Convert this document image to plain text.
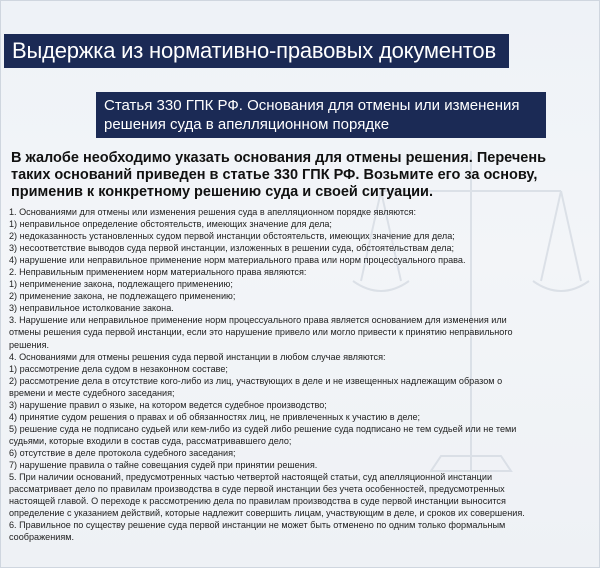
Выдержка из нормативно-правовых документов
Статья 330 ГПК РФ. Основания для отмены или изменения решения суда в апелляционном порядке
В жалобе необходимо указать основания для отмены решения. Перечень таких оснований приведен в статье 330 ГПК РФ. Возьмите его за основу, применив к конкретному решению суда и своей ситуации.
1. Основаниями для отмены или изменения решения суда в апелляционном порядке являются:
1) неправильное определение обстоятельств, имеющих значение для дела;
2) недоказанность установленных судом первой инстанции обстоятельств, имеющих значение для дела;
3) несоответствие выводов суда первой инстанции, изложенных в решении суда, обстоятельствам дела;
4) нарушение или неправильное применение норм материального права или норм процессуального права.
2. Неправильным применением норм материального права являются:
1) неприменение закона, подлежащего применению;
2) применение закона, не подлежащего применению;
3) неправильное истолкование закона.
3. Нарушение или неправильное применение норм процессуального права является основанием для изменения или
отмены решения суда первой инстанции, если это нарушение привело или могло привести к принятию неправильного
решения.
4. Основаниями для отмены решения суда первой инстанции в любом случае являются:
1) рассмотрение дела судом в незаконном составе;
2) рассмотрение дела в отсутствие кого-либо из лиц, участвующих в деле и не извещенных надлежащим образом о
времени и месте судебного заседания;
3) нарушение правил о языке, на котором ведется судебное производство;
4) принятие судом решения о правах и об обязанностях лиц, не привлеченных к участию в деле;
5) решение суда не подписано судьей или кем-либо из судей либо решение суда подписано не тем судьей или не теми
судьями, которые входили в состав суда, рассматривавшего дело;
6) отсутствие в деле протокола судебного заседания;
7) нарушение правила о тайне совещания судей при принятии решения.
5. При наличии оснований, предусмотренных частью четвертой настоящей статьи, суд апелляционной инстанции
рассматривает дело по правилам производства в суде первой инстанции без учета особенностей, предусмотренных
настоящей главой. О переходе к рассмотрению дела по правилам производства в суде первой инстанции выносится
определение с указанием действий, которые надлежит совершить лицам, участвующим в деле, и сроков их совершения.
6. Правильное по существу решение суда первой инстанции не может быть отменено по одним только формальным
соображениям.
